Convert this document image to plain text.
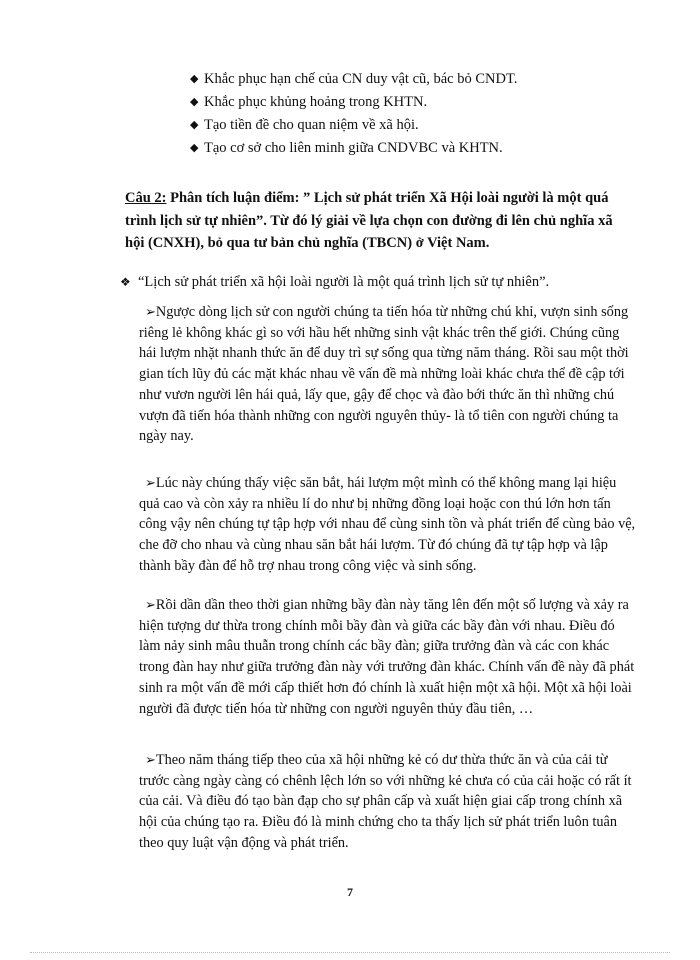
◆ Khắc phục hạn chế của CN duy vật cũ, bác bỏ CNDT.
◆ Khắc phục khủng hoảng trong KHTN.
◆ Tạo tiền đề cho quan niệm về xã hội.
◆ Tạo cơ sở cho liên minh giữa CNDVBC và KHTN.
Câu 2: Phân tích luận điểm: ” Lịch sử phát triển Xã Hội loài người là một quá trình lịch sử tự nhiên”. Từ đó lý giải về lựa chọn con đường đi lên chủ nghĩa xã hội (CNXH), bỏ qua tư bản chủ nghĩa (TBCN) ở Việt Nam.
❖ “Lịch sử phát triển xã hội loài người là một quá trình lịch sử tự nhiên”.

➢Ngược dòng lịch sử con người chúng ta tiến hóa từ những chú khỉ, vượn sinh sống riêng lẻ không khác gì so với hầu hết những sinh vật khác trên thế giới. Chúng cũng hái lượm nhặt nhanh thức ăn để duy trì sự sống qua từng năm tháng. Rồi sau một thời gian tích lũy đủ các mặt khác nhau về vấn đề mà những loài khác chưa thể đề cập tới như vươn người lên hái quả, lấy que, gậy để chọc và đào bới thức ăn thì những chú vượn đã tiến hóa thành những con người nguyên thủy- là tổ tiên con người chúng ta ngày nay.

➢Lúc này chúng thấy việc săn bắt, hái lượm một mình có thể không mang lại hiệu quả cao và còn xảy ra nhiều lí do như bị những đồng loại hoặc con thú lớn hơn tấn công vậy nên chúng tự tập hợp với nhau để cùng sinh tồn và phát triển để cùng bảo vệ, che đỡ cho nhau và cùng nhau săn bắt hái lượm. Từ đó chúng đã tự tập hợp và lập thành bầy đàn để hỗ trợ nhau trong công việc và sinh sống.

➢Rồi dần dần theo thời gian những bầy đàn này tăng lên đến một số lượng và xảy ra hiện tượng dư thừa trong chính mỗi bầy đàn và giữa các bầy đàn với nhau. Điều đó làm nảy sinh mâu thuẫn trong chính các bầy đàn; giữa trưởng đàn và các con khác trong đàn hay như giữa trưởng đàn này với trưởng đàn khác. Chính vấn đề này đã phát sinh ra một vấn đề mới cấp thiết hơn đó chính là xuất hiện một xã hội. Một xã hội loài người đã được tiến hóa từ những con người nguyên thủy đầu tiên, …

➢Theo năm tháng tiếp theo của xã hội những kẻ có dư thừa thức ăn và của cải từ trước càng ngày càng có chênh lệch lớn so với những kẻ chưa có của cải hoặc có rất ít của cải. Và điều đó tạo bàn đạp cho sự phân cấp và xuất hiện giai cấp trong chính xã hội của chúng tạo ra. Điều đó là minh chứng cho ta thấy lịch sử phát triển luôn tuân theo quy luật vận động và phát triển.

7
